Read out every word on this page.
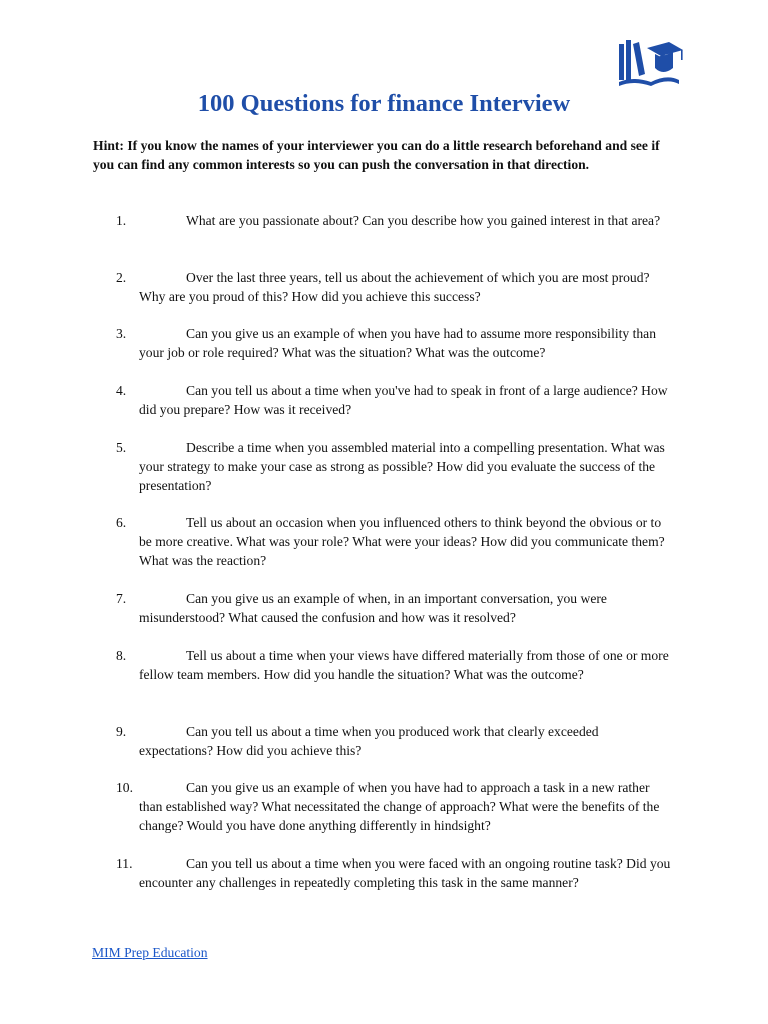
100 Questions for finance Interview

Hint: If you know the names of your interviewer you can do a little research beforehand and see if you can find any common interests so you can push the conversation in that direction.

1.	What are you passionate about? Can you describe how you gained interest in that area?
2.	Over the last three years, tell us about the achievement of which you are most proud? Why are you proud of this? How did you achieve this success?
3.	Can you give us an example of when you have had to assume more responsibility than your job or role required? What was the situation? What was the outcome?
4.	Can you tell us about a time when you've had to speak in front of a large audience? How did you prepare? How was it received?
5.	Describe a time when you assembled material into a compelling presentation. What was your strategy to make your case as strong as possible? How did you evaluate the success of the presentation?
6.	Tell us about an occasion when you influenced others to think beyond the obvious or to be more creative. What was your role? What were your ideas? How did you communicate them? What was the reaction?
7.	Can you give us an example of when, in an important conversation, you were misunderstood? What caused the confusion and how was it resolved?
8.	Tell us about a time when your views have differed materially from those of one or more fellow team members. How did you handle the situation? What was the outcome?
9.	Can you tell us about a time when you produced work that clearly exceeded expectations? How did you achieve this?
10.	Can you give us an example of when you have had to approach a task in a new rather than established way? What necessitated the change of approach? What were the benefits of the change? Would you have done anything differently in hindsight?
11.	Can you tell us about a time when you were faced with an ongoing routine task? Did you encounter any challenges in repeatedly completing this task in the same manner?
MIM Prep Education
